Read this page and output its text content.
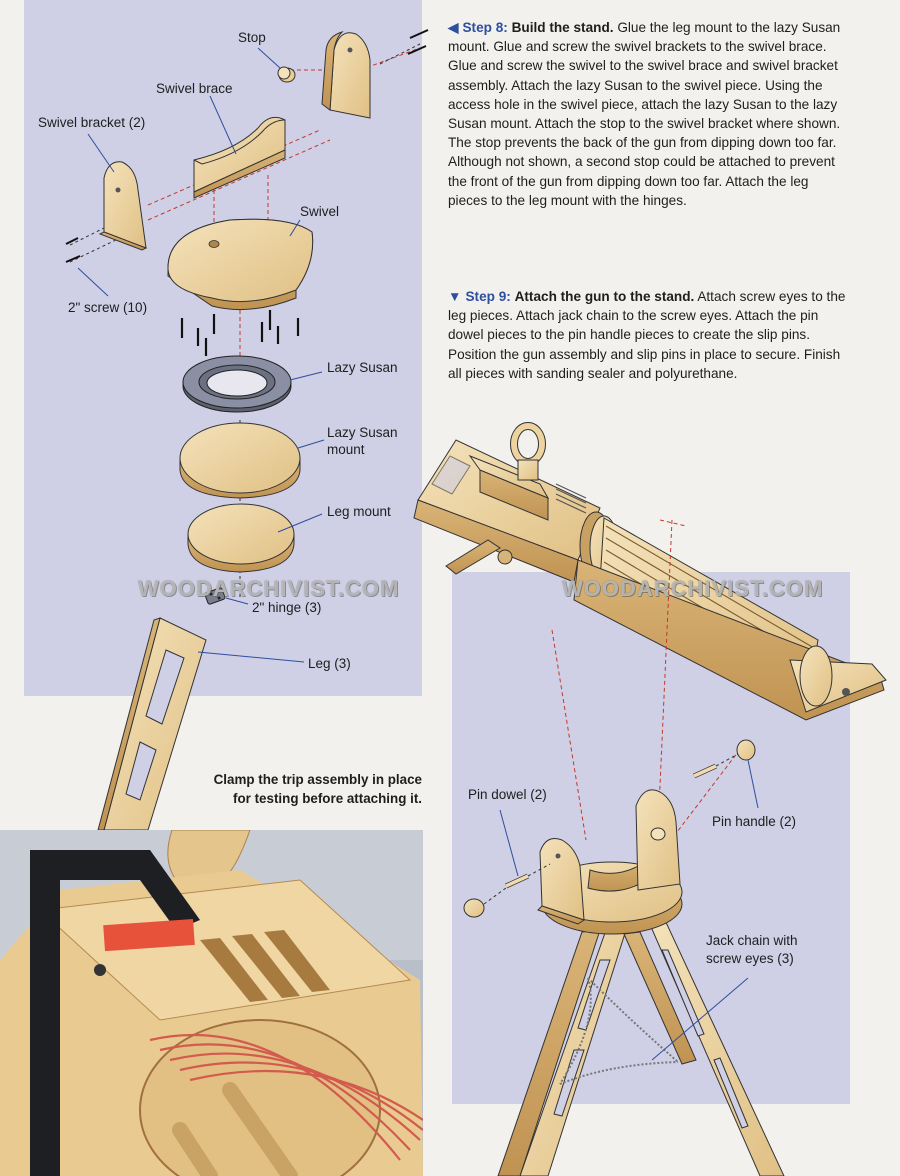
Stop
Swivel brace
Swivel bracket (2)
Swivel
2" screw (10)
Lazy Susan
Lazy Susan
mount
Leg mount
2" hinge (3)
Leg (3)
Pin dowel (2)
Pin handle (2)
Jack chain with
screw eyes (3)
◀ Step 8: Build the stand. Glue the leg mount to the lazy Susan mount. Glue and screw the swivel brackets to the swivel brace. Glue and screw the swivel to the swivel brace and swivel bracket assembly. Attach the lazy Susan to the swivel piece. Using the access hole in the swivel piece, attach the lazy Susan to the lazy Susan mount. Attach the stop to the swivel bracket where shown. The stop prevents the back of the gun from dipping down too far. Although not shown, a second stop could be attached to prevent the front of the gun from dipping down too far. Attach the leg pieces to the leg mount with the hinges.
▼ Step 9: Attach the gun to the stand. Attach screw eyes to the leg pieces. Attach jack chain to the screw eyes. Attach the pin dowel pieces to the pin handle pieces to create the slip pins. Position the gun assembly and slip pins in place to secure. Finish all pieces with sanding sealer and polyurethane.
Clamp the trip assembly in place
for testing before attaching it.
WOODARCHIVIST.COM	WOODARCHIVIST.COM
